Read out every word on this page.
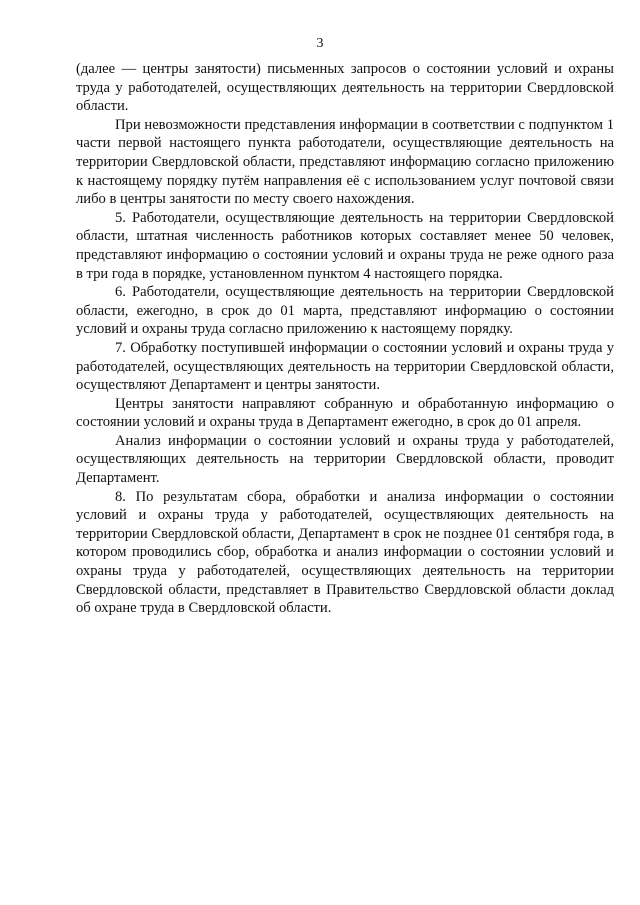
3

(далее — центры занятости) письменных запросов о состоянии условий и охраны труда у работодателей, осуществляющих деятельность на территории Свердловской области.

При невозможности представления информации в соответствии с подпунктом 1 части первой настоящего пункта работодатели, осуществляющие деятельность на территории Свердловской области, представляют информацию согласно приложению к настоящему порядку путём направления её с использованием услуг почтовой связи либо в центры занятости по месту своего нахождения.

5. Работодатели, осуществляющие деятельность на территории Свердловской области, штатная численность работников которых составляет менее 50 человек, представляют информацию о состоянии условий и охраны труда не реже одного раза в три года в порядке, установленном пунктом 4 настоящего порядка.

6. Работодатели, осуществляющие деятельность на территории Свердловской области, ежегодно, в срок до 01 марта, представляют информацию о состоянии условий и охраны труда согласно приложению к настоящему порядку.

7. Обработку поступившей информации о состоянии условий и охраны труда у работодателей, осуществляющих деятельность на территории Свердловской области, осуществляют Департамент и центры занятости.

Центры занятости направляют собранную и обработанную информацию о состоянии условий и охраны труда в Департамент ежегодно, в срок до 01 апреля.

Анализ информации о состоянии условий и охраны труда у работодателей, осуществляющих деятельность на территории Свердловской области, проводит Департамент.

8. По результатам сбора, обработки и анализа информации о состоянии условий и охраны труда у работодателей, осуществляющих деятельность на территории Свердловской области, Департамент в срок не позднее 01 сентября года, в котором проводились сбор, обработка и анализ информации о состоянии условий и охраны труда у работодателей, осуществляющих деятельность на территории Свердловской области, представляет в Правительство Свердловской области доклад об охране труда в Свердловской области.
